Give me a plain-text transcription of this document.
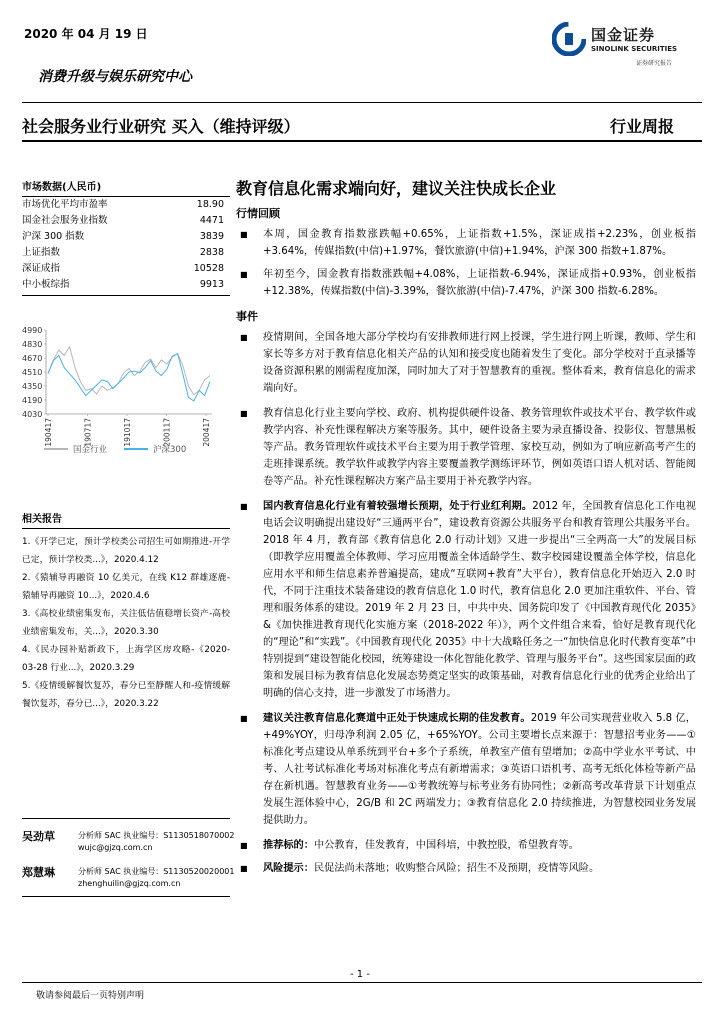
2020 年 04 月 19 日	国金证券
SINOLINK SECURITIES
证券研究报告
消费升级与娱乐研究中心
社会服务业行业研究 买入（维持评级）	行业周报
市场数据(人民币)
市场优化平均市盈率	18.90
国金社会服务业指数	4471
沪深 300 指数	3839
上证指数	2838
深证成指	10528
中小板综指	9913
4990
4830
4670
4510
4350
4190
4030
190417	190717	191017	200117	200417
国金行业	沪深300
相关报告
1.《开学已定，预计学校类公司招生可如期推进-开学已定，预计学校类...》，2020.4.12
2.《猿辅导再融资 10 亿美元，在线 K12 群雄逐鹿-猿辅导再融资 10...》，2020.4.6
3.《高校业绩密集发布，关注低估值稳增长资产-高校业绩密集发布，关...》，2020.3.30
4.《民办园补贴新政下，上海学区房攻略-《2020-03-28 行业...》，2020.3.29
5.《疫情缓解餐饮复苏，春分已至静醒人和-疫情缓解餐饮复苏，春分已...》，2020.3.22
吴劲草	分析师 SAC 执业编号：S1130518070002
wujc@gjzq.com.cn
郑慧琳	分析师 SAC 执业编号：S1130520020001
zhenghuilin@gjzq.com.cn
教育信息化需求端向好，建议关注快成长企业
行情回顾
■ 本周，国金教育指数涨跌幅+0.65%，上证指数+1.5%，深证成指+2.23%，创业板指+3.64%，传媒指数(中信)+1.97%，餐饮旅游(中信)+1.94%，沪深 300 指数+1.87%。
■ 年初至今，国金教育指数涨跌幅+4.08%，上证指数-6.94%，深证成指+0.93%，创业板指+12.38%，传媒指数(中信)-3.39%，餐饮旅游(中信)-7.47%，沪深 300 指数-6.28%。
事件
■ 疫情期间，全国各地大部分学校均有安排教师进行网上授课，学生进行网上听课，教师、学生和家长等多方对于教育信息化相关产品的认知和接受度也随着发生了变化。部分学校对于直录播等设备资源积累的刚需程度加深，同时加大了对于智慧教育的重视。整体看来，教育信息化的需求端向好。
■ 教育信息化行业主要向学校、政府、机构提供硬件设备、教务管理软件或技术平台、教学软件或教学内容、补充性课程解决方案等服务。其中，硬件设备主要为录直播设备、投影仪、智慧黑板等产品。教务管理软件或技术平台主要为用于教学管理、家校互动，例如为了响应新高考产生的走班排课系统。教学软件或教学内容主要覆盖教学测练评环节，例如英语口语人机对话、智能阅卷等产品。补充性课程解决方案产品主要用于补充教学内容。
■ 国内教育信息化行业有着较强增长预期，处于行业红利期。2012 年，全国教育信息化工作电视电话会议明确提出建设好“三通两平台”，建设教育资源公共服务平台和教育管理公共服务平台。2018 年 4 月，教育部《教育信息化 2.0 行动计划》又进一步提出“三全两高一大”的发展目标（即教学应用覆盖全体教师、学习应用覆盖全体适龄学生、数字校园建设覆盖全体学校，信息化应用水平和师生信息素养普遍提高，建成“互联网+教育”大平台），教育信息化开始迈入 2.0 时代，不同于注重技术装备建设的教育信息化 1.0 时代，教育信息化 2.0 更加注重软件、平台、管理和服务体系的建设。2019 年 2 月 23 日，中共中央、国务院印发了《中国教育现代化 2035》&《加快推进教育现代化实施方案（2018-2022 年）》，两个文件组合来看，恰好是教育现代化的“理论”和“实践”。《中国教育现代化 2035》中十大战略任务之一“加快信息化时代教育变革”中特别提到“建设智能化校园，统筹建设一体化智能化教学、管理与服务平台”。这些国家层面的政策和发展目标为教育信息化发展态势奠定坚实的政策基础，对教育信息化行业的优秀企业给出了明确的信心支持，进一步激发了市场潜力。
■ 建议关注教育信息化赛道中正处于快速成长期的佳发教育。2019 年公司实现营业收入 5.8 亿，+49%YOY，归母净利润 2.05 亿，+65%YOY。公司主要增长点来源于：智慧招考业务——①标准化考点建设从单系统到平台+多个子系统，单教室产值有望增加；②高中学业水平考试、中考、人社考试标准化考场对标准化考点有新增需求；③英语口语机考、高考无纸化体检等新产品存在新机遇。智慧教育业务——①考教统筹与标考业务有协同性；②新高考改革背景下计划重点发展生涯体验中心，2G/B 和 2C 两端发力；③教育信息化 2.0 持续推进，为智慧校园业务发展提供助力。
■ 推荐标的：中公教育，佳发教育，中国科培，中教控股，希望教育等。
■ 风险提示：民促法尚未落地；收购整合风险；招生不及预期，疫情等风险。
- 1 -
敬请参阅最后一页特别声明
